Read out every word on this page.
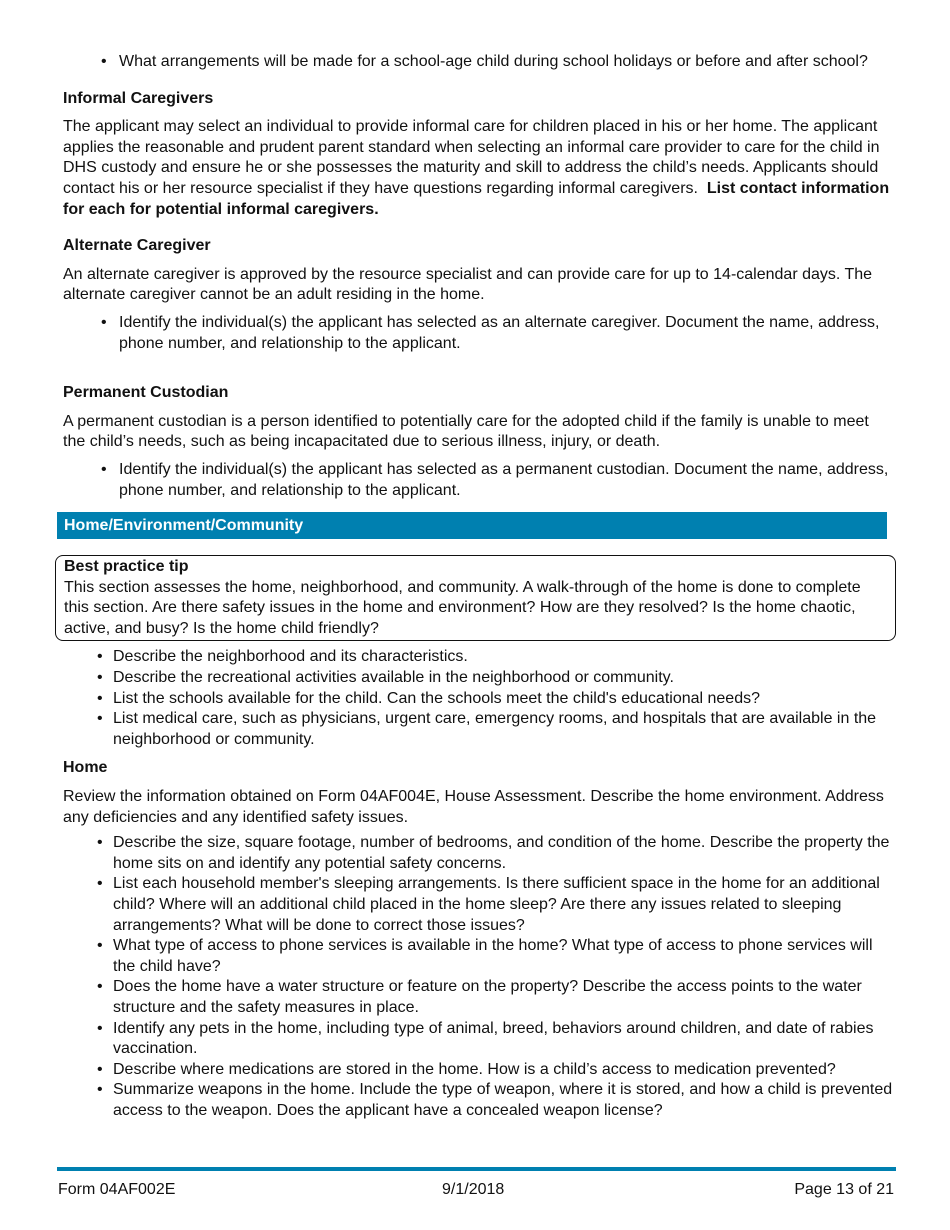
• What arrangements will be made for a school-age child during school holidays or before and after school?
Informal Caregivers

The applicant may select an individual to provide informal care for children placed in his or her home. The applicant applies the reasonable and prudent parent standard when selecting an informal care provider to care for the child in DHS custody and ensure he or she possesses the maturity and skill to address the child’s needs. Applicants should contact his or her resource specialist if they have questions regarding informal caregivers. List contact information for each for potential informal caregivers.

Alternate Caregiver

An alternate caregiver is approved by the resource specialist and can provide care for up to 14-calendar days. The alternate caregiver cannot be an adult residing in the home.

• Identify the individual(s) the applicant has selected as an alternate caregiver. Document the name, address, phone number, and relationship to the applicant.
Permanent Custodian

A permanent custodian is a person identified to potentially care for the adopted child if the family is unable to meet the child’s needs, such as being incapacitated due to serious illness, injury, or death.

• Identify the individual(s) the applicant has selected as a permanent custodian. Document the name, address, phone number, and relationship to the applicant.
Home/Environment/Community
Best practice tip
This section assesses the home, neighborhood, and community. A walk-through of the home is done to complete this section. Are there safety issues in the home and environment? How are they resolved? Is the home chaotic, active, and busy? Is the home child friendly?
• Describe the neighborhood and its characteristics.
• Describe the recreational activities available in the neighborhood or community.
• List the schools available for the child. Can the schools meet the child's educational needs?
• List medical care, such as physicians, urgent care, emergency rooms, and hospitals that are available in the neighborhood or community.
Home

Review the information obtained on Form 04AF004E, House Assessment. Describe the home environment. Address any deficiencies and any identified safety issues.

• Describe the size, square footage, number of bedrooms, and condition of the home. Describe the property the home sits on and identify any potential safety concerns.
• List each household member's sleeping arrangements. Is there sufficient space in the home for an additional child? Where will an additional child placed in the home sleep? Are there any issues related to sleeping arrangements? What will be done to correct those issues?
• What type of access to phone services is available in the home? What type of access to phone services will the child have?
• Does the home have a water structure or feature on the property? Describe the access points to the water structure and the safety measures in place.
• Identify any pets in the home, including type of animal, breed, behaviors around children, and date of rabies vaccination.
• Describe where medications are stored in the home. How is a child’s access to medication prevented?
• Summarize weapons in the home. Include the type of weapon, where it is stored, and how a child is prevented access to the weapon. Does the applicant have a concealed weapon license?
Form 04AF002E	9/1/2018	Page 13 of 21
